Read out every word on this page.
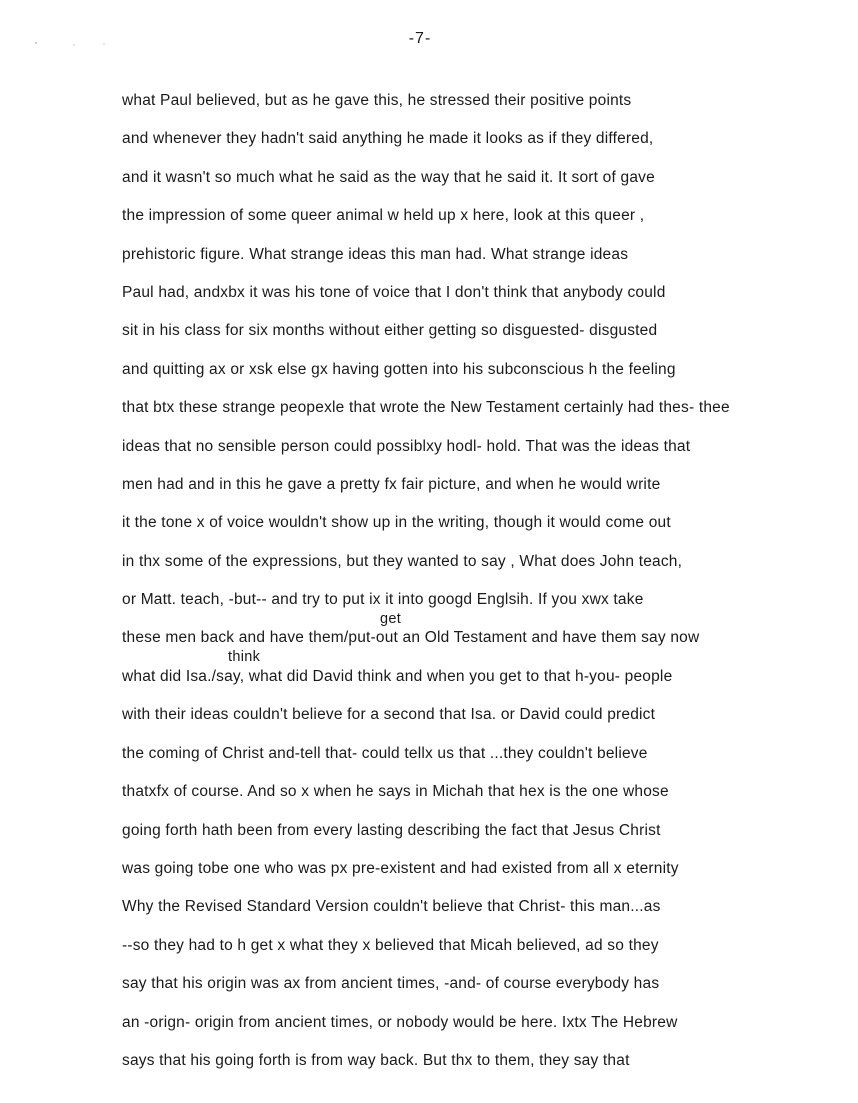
-7-
what Paul believed, but as he gave this, he stressed their positive points
and whenever they hadn't said anything he made it looks as if they differed,
and it wasn't so much what he said as the way that he said it. It sort of gave
the impression of some queer animal w held up x here, look at this queer ,
prehistoric figure. What strange ideas this man had. What strange ideas
Paul had, andxbx it was his tone of voice that I don't think that anybody could
sit in his class for six months without either getting so disguested- disgusted
and quitting ax or xsk else gx having gotten into his subconscious h the feeling
that btx these strange peopexle that wrote the New Testament certainly had thes- thee
ideas that no sensible person could possiblxy hodl- hold. That was the ideas that
men had and in this he gave a pretty fx fair picture, and when he would write
it the tone x of voice wouldn't show up in the writing, though it would come out
in thx some of the expressions, but they wanted to say , What does John teach,
or Matt. teach, -but-- and try to put ix it into googd Englsih. If you xwx take
get
these men back and have them/put-out an Old Testament and have them say now
think
what did Isa./say, what did David think and when you get to that h-you- people
with their ideas couldn't believe for a second that Isa. or David could predict
the coming of Christ and-tell that- could tellx us that ...they couldn't believe
thatxfx of course. And so x when he says in Michah that hex is the one whose
going forth hath been from every lasting describing the fact that Jesus Christ
was going tobe one who was px pre-existent and had existed from all x eternity
Why the Revised Standard Version couldn't believe that Christ- this man...as
--so they had to h get x what they x believed that Micah believed, ad so they
say that his origin was ax from ancient times, -and- of course everybody has
an -orign- origin from ancient times, or nobody would be here. Ixtx The Hebrew
says that his going forth is from way back. But thx to them, they say that
